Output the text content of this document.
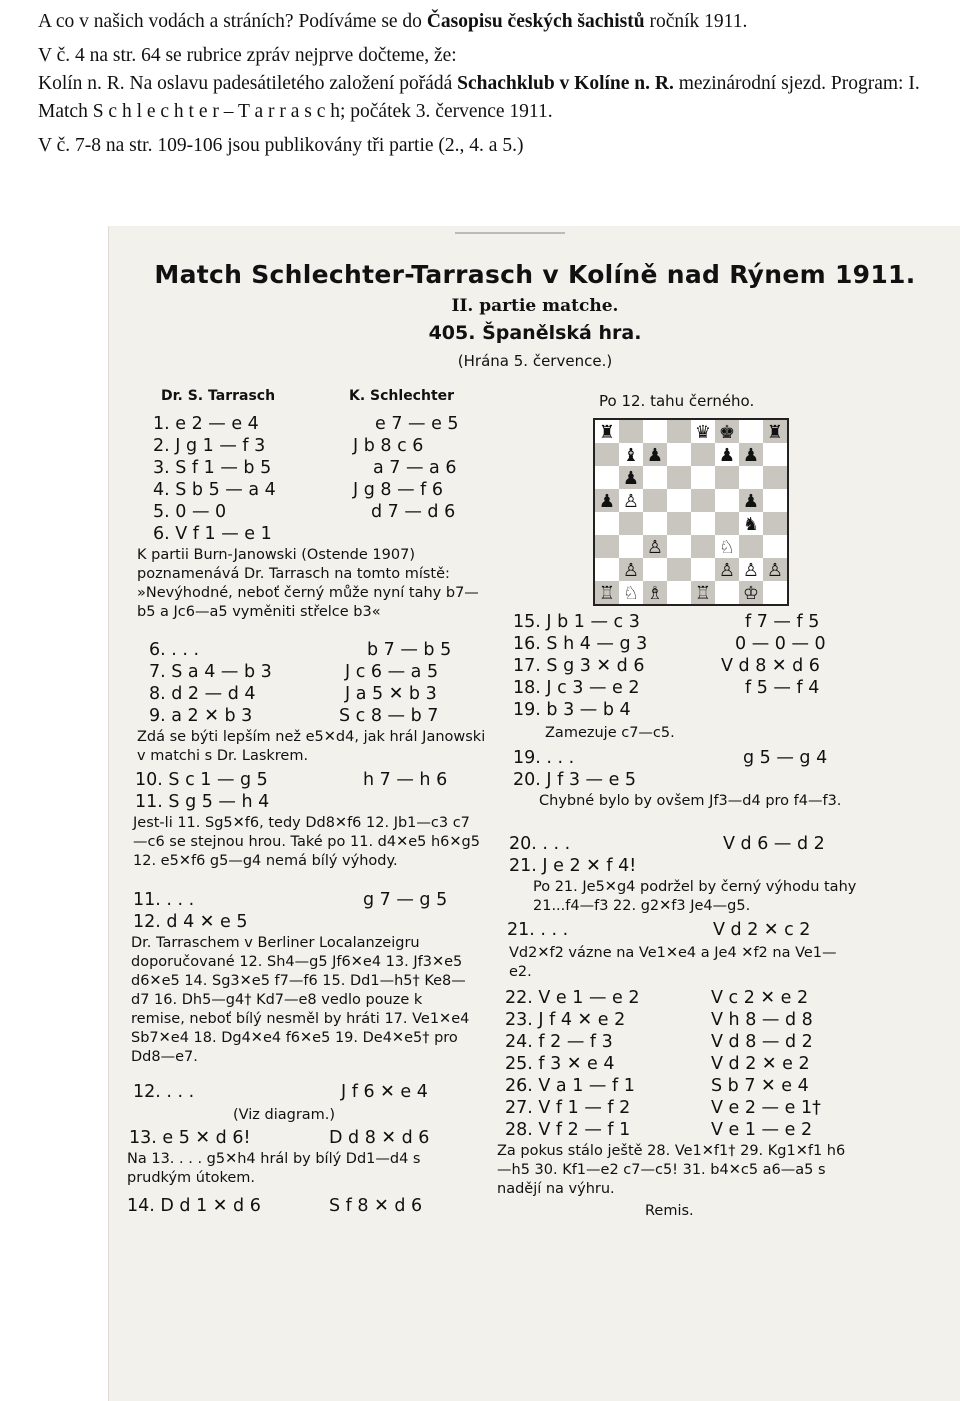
A co v našich vodách a stráních? Podíváme se do Časopisu českých šachistů ročník 1911.

V č. 4 na str. 64 se rubrice zpráv nejprve dočteme, že:

Kolín n. R. Na oslavu padesátiletého založení pořádá Schachklub v Kolíne n. R. mezinárodní sjezd. Program: I. Match S c h l e c h t e r – T a r r a s c h; počátek 3. července 1911.

V č. 7-8 na str. 109-106 jsou publikovány tři partie (2., 4. a 5.)

Match Schlechter-Tarrasch v Kolíně nad Rýnem 1911.
II. partie matche.
405. Španělská hra.
(Hrána 5. července.)
Dr. S. Tarrasch	K. Schlechter	Po 12. tahu černého.
♜	♛ ♚ ♜
♝ ♟	♟ ♟
♟
♟ ♙	♟
♞
♙	♘
♙	♙ ♙ ♙
♖ ♘ ♗ ♖ ♔
1. e 2 — e 4	e 7 — e 5
2. J g 1 — f 3	J b 8 c 6
3. S f 1 — b 5	a 7 — a 6
4. S b 5 — a 4	J g 8 — f 6
5. 0 — 0	d 7 — d 6
6. V f 1 — e 1
6. . . .	b 7 — b 5
7. S a 4 — b 3	J c 6 — a 5
8. d 2 — d 4	J a 5 ✕ b 3
9. a 2 ✕ b 3	S c 8 — b 7
10. S c 1 — g 5	h 7 — h 6
11. S g 5 — h 4
11. . . .	g 7 — g 5
12. d 4 ✕ e 5
12. . . .	J f 6 ✕ e 4
13. e 5 ✕ d 6!	D d 8 ✕ d 6
14. D d 1 ✕ d 6	S f 8 ✕ d 6
15. J b 1 — c 3	f 7 — f 5
16. S h 4 — g 3	0 — 0 — 0
17. S g 3 ✕ d 6	V d 8 ✕ d 6
18. J c 3 — e 2	f 5 — f 4
19. b 3 — b 4
19. . . .	g 5 — g 4
20. J f 3 — e 5
20. . . .	V d 6 — d 2
21. J e 2 ✕ f 4!
21. . . .	V d 2 ✕ c 2
22. V e 1 — e 2	V c 2 ✕ e 2
23. J f 4 ✕ e 2	V h 8 — d 8
24. f 2 — f 3	V d 8 — d 2
25. f 3 ✕ e 4	V d 2 ✕ e 2
26. V a 1 — f 1	S b 7 ✕ e 4
27. V f 1 — f 2	V e 2 — e 1†
28. V f 2 — f 1	V e 1 — e 2
K partii Burn-Janowski (Ostende 1907) poznamenává Dr. Tarrasch na tomto místě: »Nevýhodné, neboť černý může nyní tahy b7—b5 a Jc6—a5 vyměniti střelce b3«
Zdá se býti lepším než e5✕d4, jak hrál Janowski v matchi s Dr. Laskrem.
Jest-li 11. Sg5✕f6, tedy Dd8✕f6 12. Jb1—c3 c7—c6 se stejnou hrou. Také po 11. d4✕e5 h6✕g5 12. e5✕f6 g5—g4 nemá bílý výhody.
Dr. Tarraschem v Berliner Localanzeigru doporučované 12. Sh4—g5 Jf6✕e4 13. Jf3✕e5 d6✕e5 14. Sg3✕e5 f7—f6 15. Dd1—h5† Ke8—d7 16. Dh5—g4† Kd7—e8 vedlo pouze k remise, neboť bílý nesměl by hráti 17. Ve1✕e4 Sb7✕e4 18. Dg4✕e4 f6✕e5 19. De4✕e5† pro Dd8—e7.
(Viz diagram.)
Na 13. . . . g5✕h4 hrál by bílý Dd1—d4 s prudkým útokem.
Zamezuje c7—c5.
Chybné bylo by ovšem Jf3—d4 pro f4—f3.
Po 21. Je5✕g4 podržel by černý výhodu tahy 21...f4—f3 22. g2✕f3 Je4—g5.
Vd2✕f2 vázne na Ve1✕e4 a Je4 ✕f2 na Ve1—e2.
Za pokus stálo ještě 28. Ve1✕f1† 29. Kg1✕f1 h6—h5 30. Kf1—e2 c7—c5! 31. b4✕c5 a6—a5 s nadějí na výhru.
Remis.
